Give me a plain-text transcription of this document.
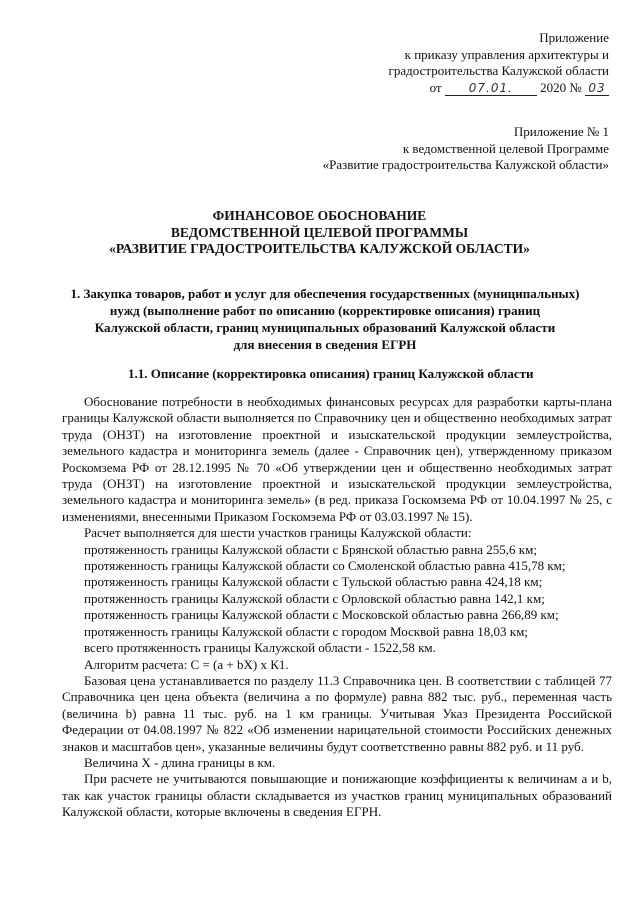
Приложение
к приказу управления архитектуры и
градостроительства Калужской области
от 07.01. 2020 № 03
Приложение № 1
к ведомственной целевой Программе
«Развитие градостроительства Калужской области»
ФИНАНСОВОЕ ОБОСНОВАНИЕ
ВЕДОМСТВЕННОЙ ЦЕЛЕВОЙ ПРОГРАММЫ
«РАЗВИТИЕ ГРАДОСТРОИТЕЛЬСТВА КАЛУЖСКОЙ ОБЛАСТИ»
1. Закупка товаров, работ и услуг для обеспечения государственных (муниципальных)
нужд (выполнение работ по описанию (корректировке описания) границ
Калужской области, границ муниципальных образований Калужской области
для внесения в сведения ЕГРН
1.1. Описание (корректировка описания) границ Калужской области

Обоснование потребности в необходимых финансовых ресурсах для разработки карты-плана границы Калужской области выполняется по Справочнику цен и общественно необходимых затрат труда (ОНЗТ) на изготовление проектной и изыскательской продукции землеустройства, земельного кадастра и мониторинга земель (далее - Справочник цен), утвержденному приказом Роскомзема РФ от 28.12.1995 № 70 «Об утверждении цен и общественно необходимых затрат труда (ОНЗТ) на изготовление проектной и изыскательской продукции землеустройства, земельного кадастра и мониторинга земель» (в ред. приказа Госкомзема РФ от 10.04.1997 № 25, с изменениями, внесенными Приказом Госкомзема РФ от 03.03.1997 № 15).

Расчет выполняется для шести участков границы Калужской области:

протяженность границы Калужской области с Брянской областью равна 255,6 км;

протяженность границы Калужской области со Смоленской областью равна 415,78 км;

протяженность границы Калужской области с Тульской областью равна 424,18 км;

протяженность границы Калужской области с Орловской областью равна 142,1 км;

протяженность границы Калужской области с Московской областью равна 266,89 км;

протяженность границы Калужской области с городом Москвой равна 18,03 км;

всего протяженность границы Калужской области - 1522,58 км.

Алгоритм расчета: С = (а + bХ) х К1.

Базовая цена устанавливается по разделу 11.3 Справочника цен. В соответствии с таблицей 77 Справочника цен цена объекта (величина а по формуле) равна 882 тыс. руб., переменная часть (величина b) равна 11 тыс. руб. на 1 км границы. Учитывая Указ Президента Российской Федерации от 04.08.1997 № 822 «Об изменении нарицательной стоимости Российских денежных знаков и масштабов цен», указанные величины будут соответственно равны 882 руб. и 11 руб.

Величина Х - длина границы в км.

При расчете не учитываются повышающие и понижающие коэффициенты к величинам а и b, так как участок границы области складывается из участков границ муниципальных образований Калужской области, которые включены в сведения ЕГРН.
